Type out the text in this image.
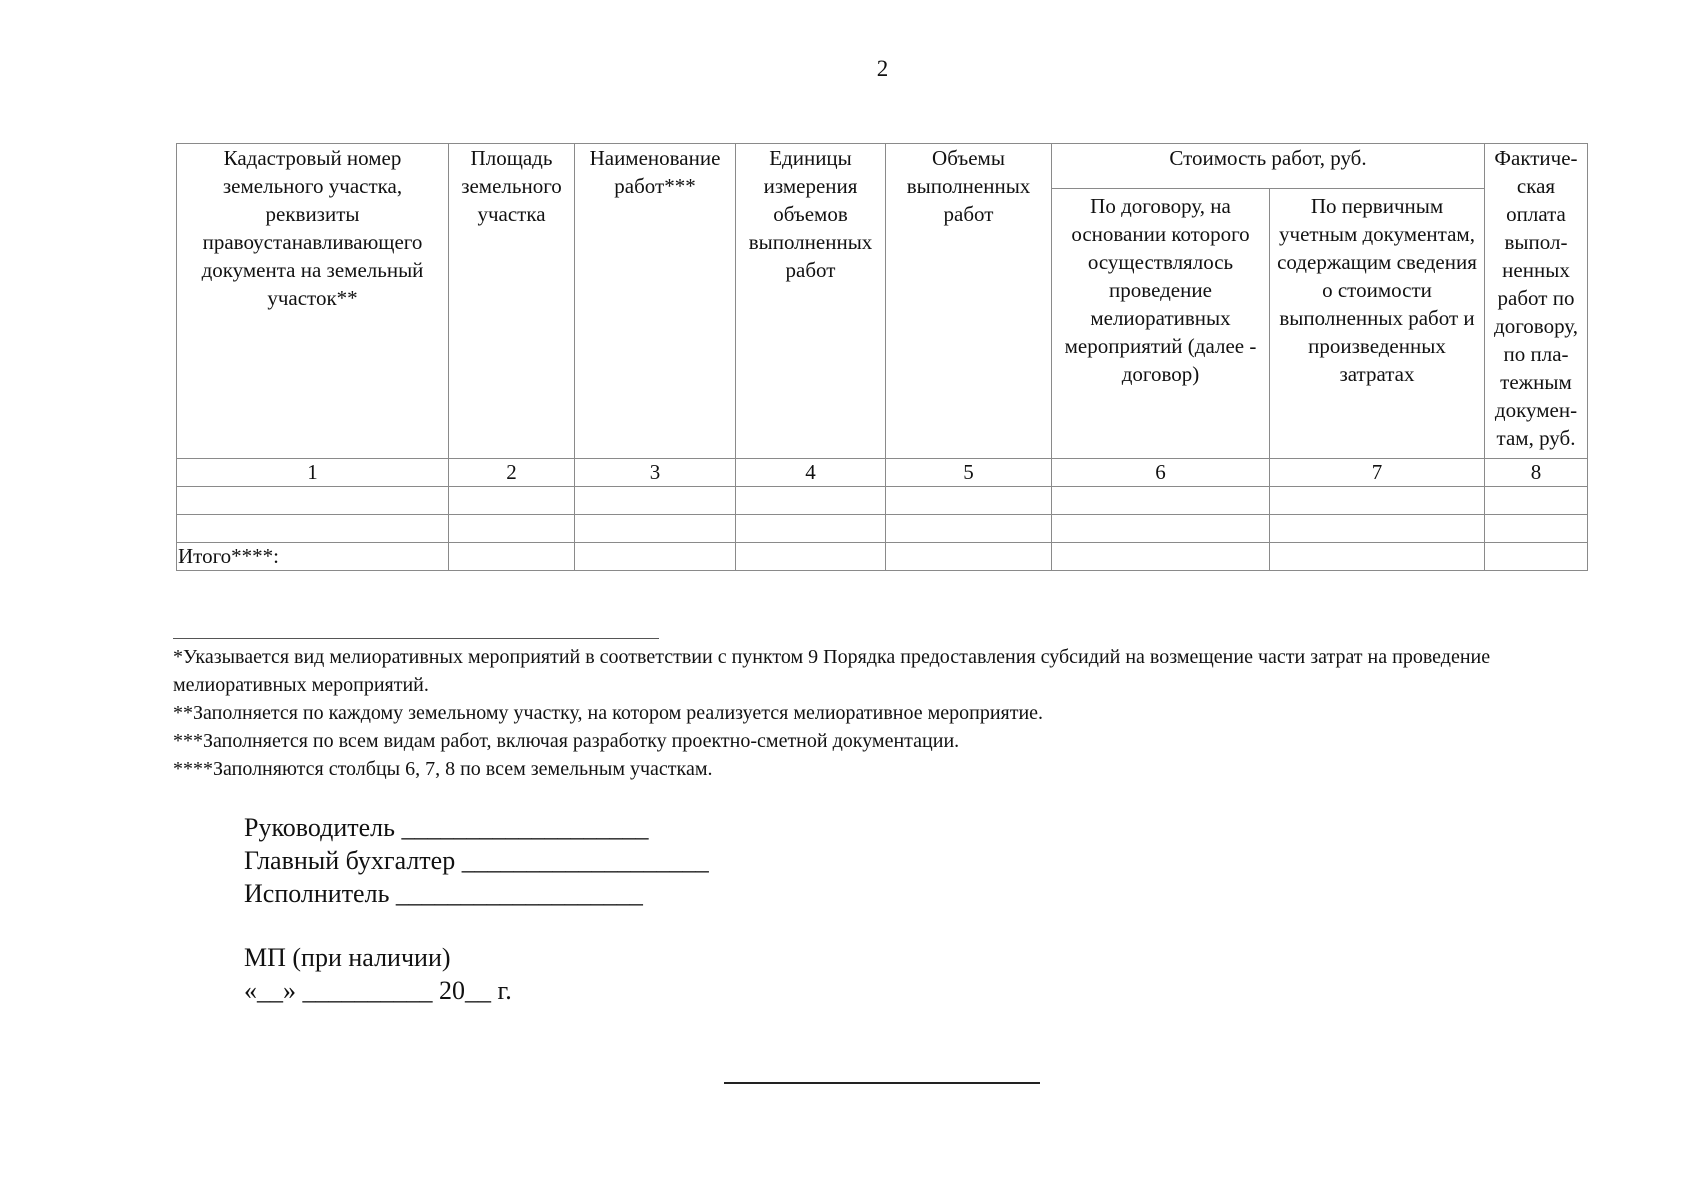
2
Кадастровый номер земельного участка, реквизиты правоустанавливающего документа на земельный участок**	Площадь земельного участка	Наименование работ***	Единицы измерения объемов выполненных работ	Объемы выполненных работ	Стоимость работ, руб.		Фактиче-ская оплата выпол-ненных работ по договору, по пла-тежным докумен-там, руб.
					По договору, на основании которого осуществлялось проведение мелиоративных мероприятий (далее - договор)	По первичным учетным документам, содержащим сведения о стоимости выполненных работ и произведенных затратах	
1	2	3	4	5	6	7	8

Итого****:							

*Указывается вид мелиоративных мероприятий в соответствии с пунктом 9 Порядка предоставления субсидий на возмещение части затрат на проведение мелиоративных мероприятий.

**Заполняется по каждому земельному участку, на котором реализуется мелиоративное мероприятие.

***Заполняется по всем видам работ, включая разработку проектно-сметной документации.

****Заполняются столбцы 6, 7, 8 по всем земельным участкам.

Руководитель ___________________

Главный бухгалтер ___________________

Исполнитель ___________________

МП (при наличии)

«__» __________ 20__ г.
